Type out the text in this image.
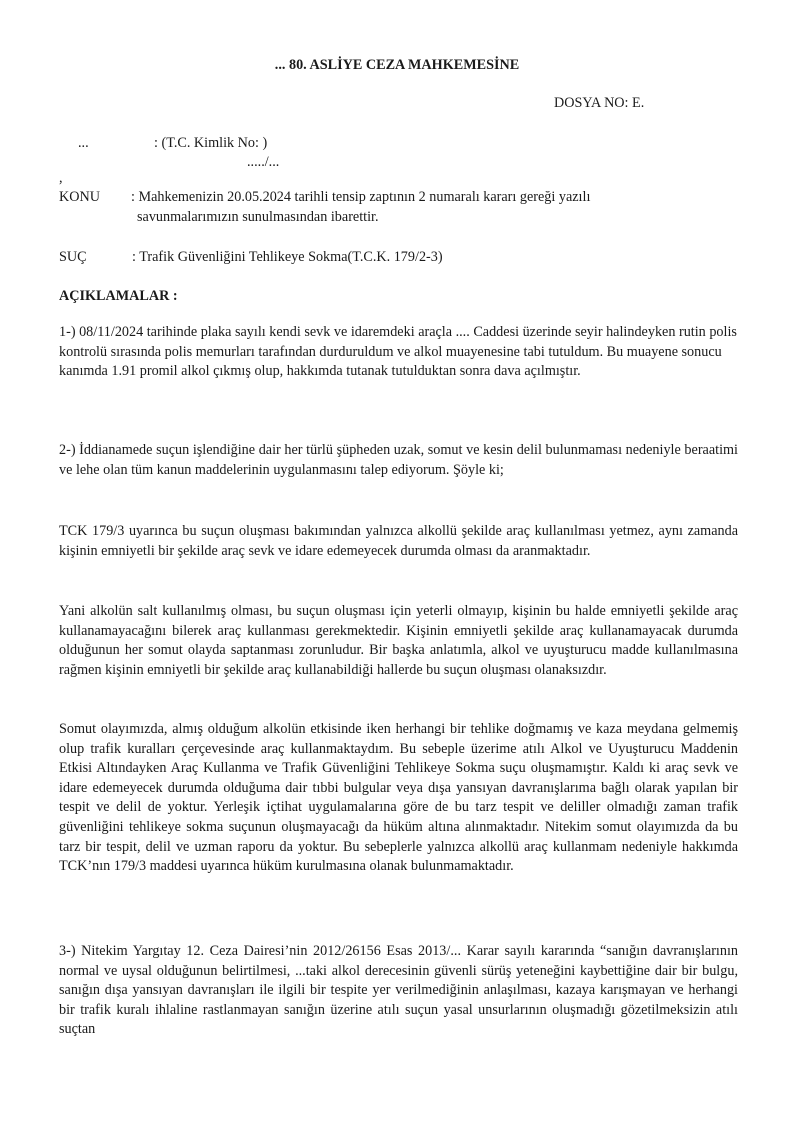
... 80. ASLİYE CEZA MAHKEMESİNE
DOSYA NO: E.
...	: (T.C. Kimlik No: )
...../...
,
KONU : Mahkemenizin 20.05.2024 tarihli tensip zaptının 2 numaralı kararı gereği yazılı
savunmalarımızın sunulmasından ibarettir.
SUÇ	: Trafik Güvenliğini Tehlikeye Sokma(T.C.K. 179/2-3)
AÇIKLAMALAR :
1-) 08/11/2024 tarihinde plaka sayılı kendi sevk ve idaremdeki araçla .... Caddesi üzerinde seyir halindeyken rutin polis kontrolü sırasında polis memurları tarafından durduruldum ve alkol muayenesine tabi tutuldum. Bu muayene sonucu kanımda 1.91 promil alkol çıkmış olup, hakkımda tutanak tutulduktan sonra dava açılmıştır.
2-) İddianamede suçun işlendiğine dair her türlü şüpheden uzak, somut ve kesin delil bulunmaması nedeniyle beraatimi ve lehe olan tüm kanun maddelerinin uygulanmasını talep ediyorum. Şöyle ki;
TCK 179/3 uyarınca bu suçun oluşması bakımından yalnızca alkollü şekilde araç kullanılması yetmez, aynı zamanda kişinin emniyetli bir şekilde araç sevk ve idare edemeyecek durumda olması da aranmaktadır.
Yani alkolün salt kullanılmış olması, bu suçun oluşması için yeterli olmayıp, kişinin bu halde emniyetli şekilde araç kullanamayacağını bilerek araç kullanması gerekmektedir. Kişinin emniyetli şekilde araç kullanamayacak durumda olduğunun her somut olayda saptanması zorunludur. Bir başka anlatımla, alkol ve uyuşturucu madde kullanılmasına rağmen kişinin emniyetli bir şekilde araç kullanabildiği hallerde bu suçun oluşması olanaksızdır.
Somut olayımızda, almış olduğum alkolün etkisinde iken herhangi bir tehlike doğmamış ve kaza meydana gelmemiş olup trafik kuralları çerçevesinde araç kullanmaktaydım. Bu sebeple üzerime atılı Alkol ve Uyuşturucu Maddenin Etkisi Altındayken Araç Kullanma ve Trafik Güvenliğini Tehlikeye Sokma suçu oluşmamıştır. Kaldı ki araç sevk ve idare edemeyecek durumda olduğuma dair tıbbi bulgular veya dışa yansıyan davranışlarıma bağlı olarak yapılan bir tespit ve delil de yoktur. Yerleşik içtihat uygulamalarına göre de bu tarz tespit ve deliller olmadığı zaman trafik güvenliğini tehlikeye sokma suçunun oluşmayacağı da hüküm altına alınmaktadır. Nitekim somut olayımızda da bu tarz bir tespit, delil ve uzman raporu da yoktur. Bu sebeplerle yalnızca alkollü araç kullanmam nedeniyle hakkımda TCK’nın 179/3 maddesi uyarınca hüküm kurulmasına olanak bulunmamaktadır.
3-) Nitekim Yargıtay 12. Ceza Dairesi’nin 2012/26156 Esas 2013/... Karar sayılı kararında “sanığın davranışlarının normal ve uysal olduğunun belirtilmesi, ...taki alkol derecesinin güvenli sürüş yeteneğini kaybettiğine dair bir bulgu, sanığın dışa yansıyan davranışları ile ilgili bir tespite yer verilmediğinin anlaşılması, kazaya karışmayan ve herhangi bir trafik kuralı ihlaline rastlanmayan sanığın üzerine atılı suçun yasal unsurlarının oluşmadığı gözetilmeksizin atılı suçtan
